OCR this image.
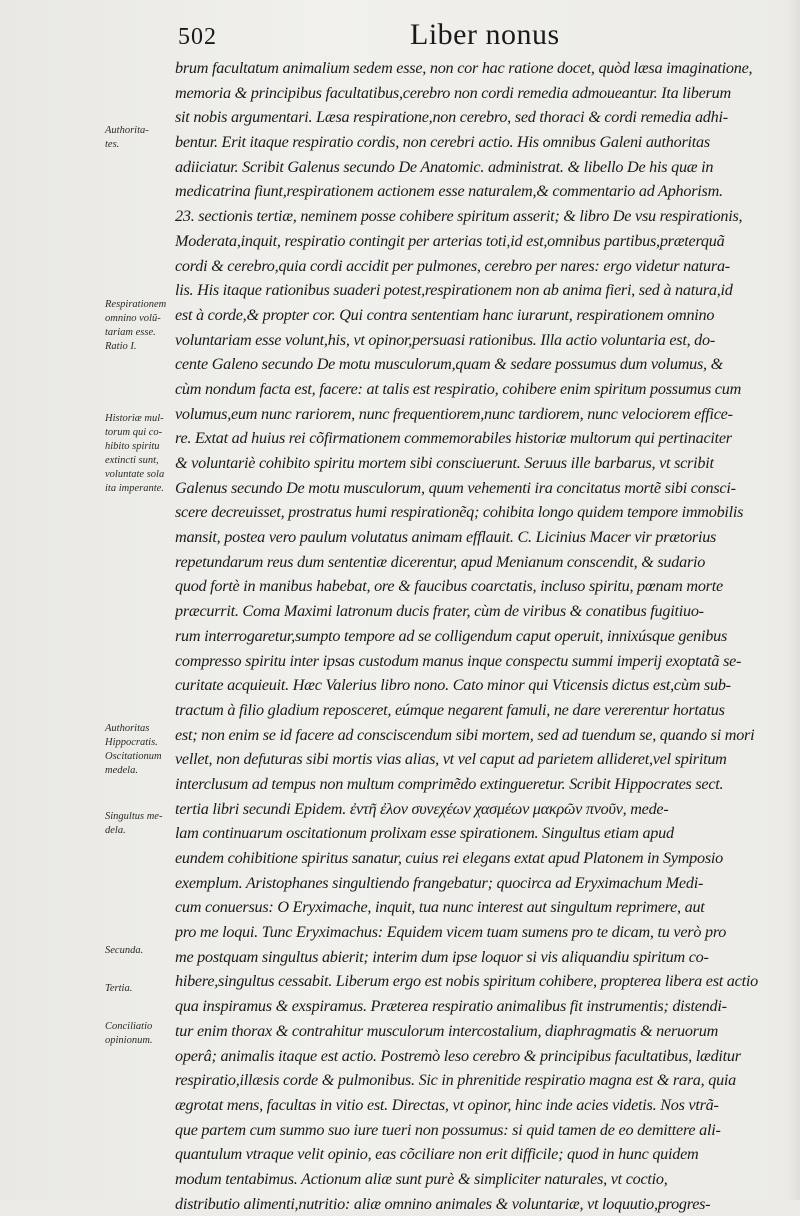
502	Liber nonus
brum facultatum animalium sedem esse, non cor hac ratione docet, quòd læsa imaginatione,
memoria & principibus facultatibus,cerebro non cordi remedia admoueantur. Ita liberum
sit nobis argumentari. Læsa respiratione,non cerebro, sed thoraci & cordi remedia adhi-
bentur. Erit itaque respiratio cordis, non cerebri actio. His omnibus Galeni authoritas
adiiciatur. Scribit Galenus secundo De Anatomic. administrat. & libello De his quæ in
medicatrina fiunt,respirationem actionem esse naturalem,& commentario ad Aphorism.
23. sectionis tertiæ, neminem posse cohibere spiritum asserit; & libro De vsu respirationis,
Moderata,inquit, respiratio contingit per arterias toti,id est,omnibus partibus,præterquã
cordi & cerebro,quia cordi accidit per pulmones, cerebro per nares: ergo videtur natura-
lis. His itaque rationibus suaderi potest,respirationem non ab anima fieri, sed à natura,id
est à corde,& propter cor. Qui contra sententiam hanc iurarunt, respirationem omnino
voluntariam esse volunt,his, vt opinor,persuasi rationibus. Illa actio voluntaria est, do-
cente Galeno secundo De motu musculorum,quam & sedare possumus dum volumus, &
cùm nondum facta est, facere: at talis est respiratio, cohibere enim spiritum possumus cum
volumus,eum nunc rariorem, nunc frequentiorem,nunc tardiorem, nunc velociorem effice-
re. Extat ad huius rei cõfirmationem commemorabiles historiæ multorum qui pertinaciter
& voluntariè cohibito spiritu mortem sibi consciuerunt. Seruus ille barbarus, vt scribit
Galenus secundo De motu musculorum, quum vehementi ira concitatus mortẽ sibi consci-
scere decreuisset, prostratus humi respirationẽq; cohibita longo quidem tempore immobilis
mansit, postea vero paulum volutatus animam efflauit. C. Licinius Macer vir prætorius
repetundarum reus dum sententiæ dicerentur, apud Menianum conscendit, & sudario
quod fortè in manibus habebat, ore & faucibus coarctatis, incluso spiritu, pœnam morte
præcurrit. Coma Maximi latronum ducis frater, cùm de viribus & conatibus fugitiuo-
rum interrogaretur,sumpto tempore ad se colligendum caput operuit, innixúsque genibus
compresso spiritu inter ipsas custodum manus inque conspectu summi imperij exoptatã se-
curitate acquieuit. Hæc Valerius libro nono. Cato minor qui Vticensis dictus est,cùm sub-
tractum à filio gladium reposceret, eúmque negarent famuli, ne dare vererentur hortatus
est; non enim se id facere ad consciscendum sibi mortem, sed ad tuendum se, quando si mori
vellet, non defuturas sibi mortis vias alias, vt vel caput ad parietem allideret,vel spiritum
interclusum ad tempus non multum comprimẽdo extingueretur. Scribit Hippocrates sect.
tertia libri secundi Epidem. ἐντῆ ἐλον συνεχέων χασμέων μακρῶν πνοῦν, mede-
lam continuarum oscitationum prolixam esse spirationem. Singultus etiam apud
eundem cohibitione spiritus sanatur, cuius rei elegans extat apud Platonem in Symposio
exemplum. Aristophanes singultiendo frangebatur; quocirca ad Eryximachum Medi-
cum conuersus: O Eryximache, inquit, tua nunc interest aut singultum reprimere, aut
pro me loqui. Tunc Eryximachus: Equidem vicem tuam sumens pro te dicam, tu verò pro
me postquam singultus abierit; interim dum ipse loquor si vis aliquandiu spiritum co-
hibere,singultus cessabit. Liberum ergo est nobis spiritum cohibere, propterea libera est actio
qua inspiramus & exspiramus. Præterea respiratio animalibus fit instrumentis; distendi-
tur enim thorax & contrahitur musculorum intercostalium, diaphragmatis & neruorum
operâ; animalis itaque est actio. Postremò leso cerebro & principibus facultatibus, læditur
respiratio,illæsis corde & pulmonibus. Sic in phrenitide respiratio magna est & rara, quia
ægrotat mens, facultas in vitio est. Directas, vt opinor, hinc inde acies videtis. Nos vtrã-
que partem cum summo suo iure tueri non possumus: si quid tamen de eo demittere ali-
quantulum vtraque velit opinio, eas cõciliare non erit difficile; quod in hunc quidem
modum tentabimus. Actionum aliæ sunt purè & simpliciter naturales, vt coctio,
distributio alimenti,nutritio: aliæ omnino animales & voluntariæ, vt loquutio,progres-
Authorita-
tes.
Respirationem
omnino volũ-
tariam esse.
Ratio I.
Historiæ mul-
torum qui co-
hibito spiritu
extincti sunt,
voluntate sola
ita imperante.
Authoritas
Hippocratis.
Oscitationum
medela.
Singultus me-
dela.
Secunda.
Tertia.
Conciliatio
opinionum.
